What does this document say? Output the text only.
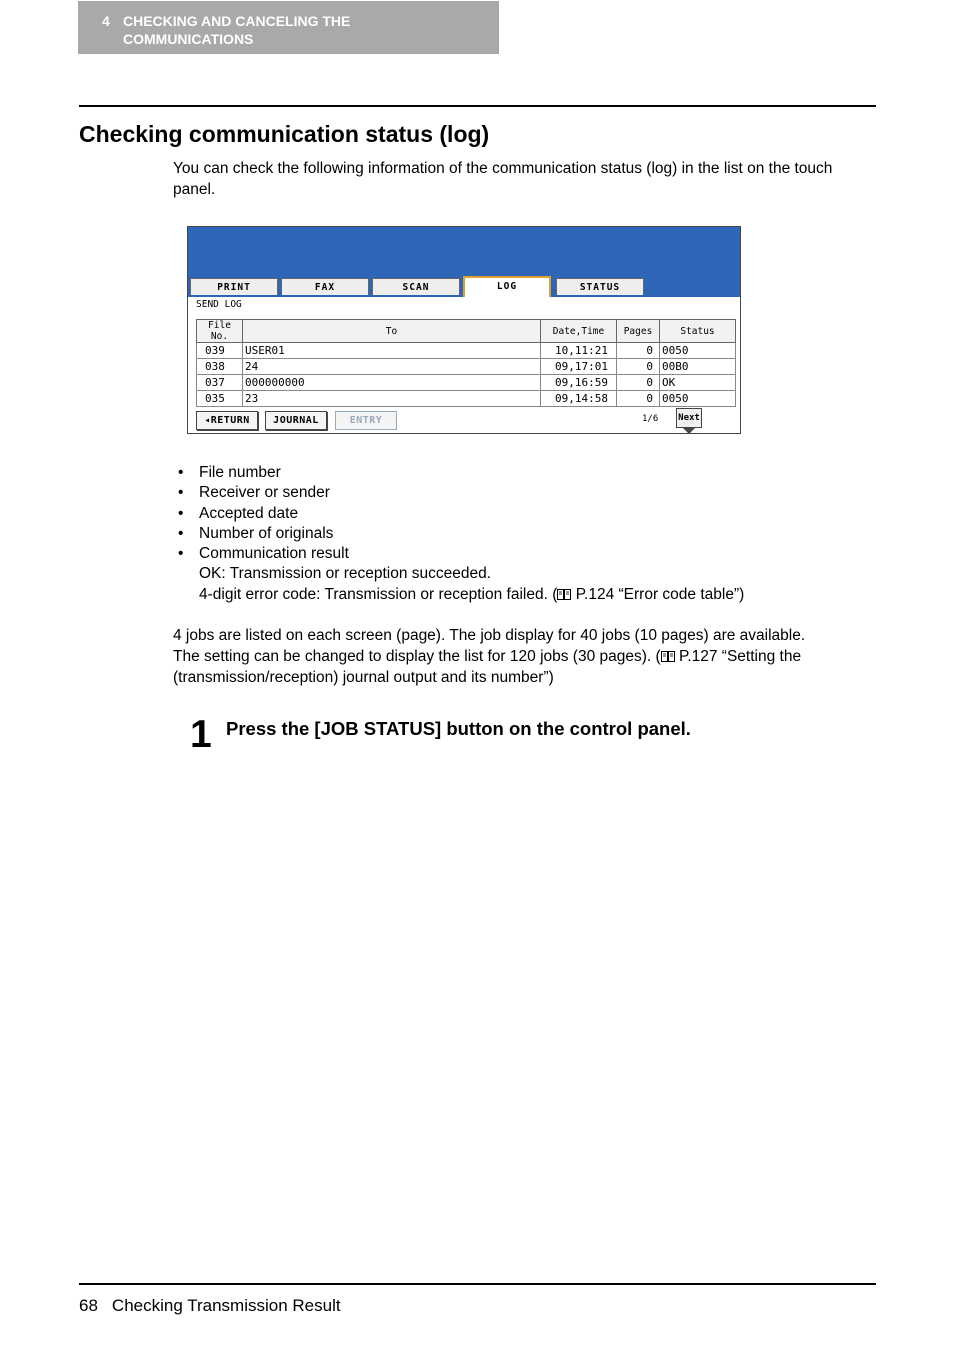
4 CHECKING AND CANCELING THE COMMUNICATIONS
Checking communication status (log)

You can check the following information of the communication status (log) in the list on the touch panel.

PRINT	FAX	SCAN	LOG	STATUS
SEND LOG
File No.	To	Date,Time	Pages	Status
039	USER01	10,11:21	0	0050
038	24	09,17:01	0	00B0
037	000000000	09,16:59	0	OK
035	23	09,14:58	0	0050
◂RETURN	JOURNAL	ENTRY	1/6 Next
• File number
• Receiver or sender
• Accepted date
• Number of originals
• Communication result
OK: Transmission or reception succeeded.
4-digit error code: Transmission or reception failed. ( P.124 “Error code table”)
4 jobs are listed on each screen (page). The job display for 40 jobs (10 pages) are available.
The setting can be changed to display the list for 120 jobs (30 pages). ( P.127 “Setting the
(transmission/reception) journal output and its number”)
1 Press the [JOB STATUS] button on the control panel.

68 Checking Transmission Result
